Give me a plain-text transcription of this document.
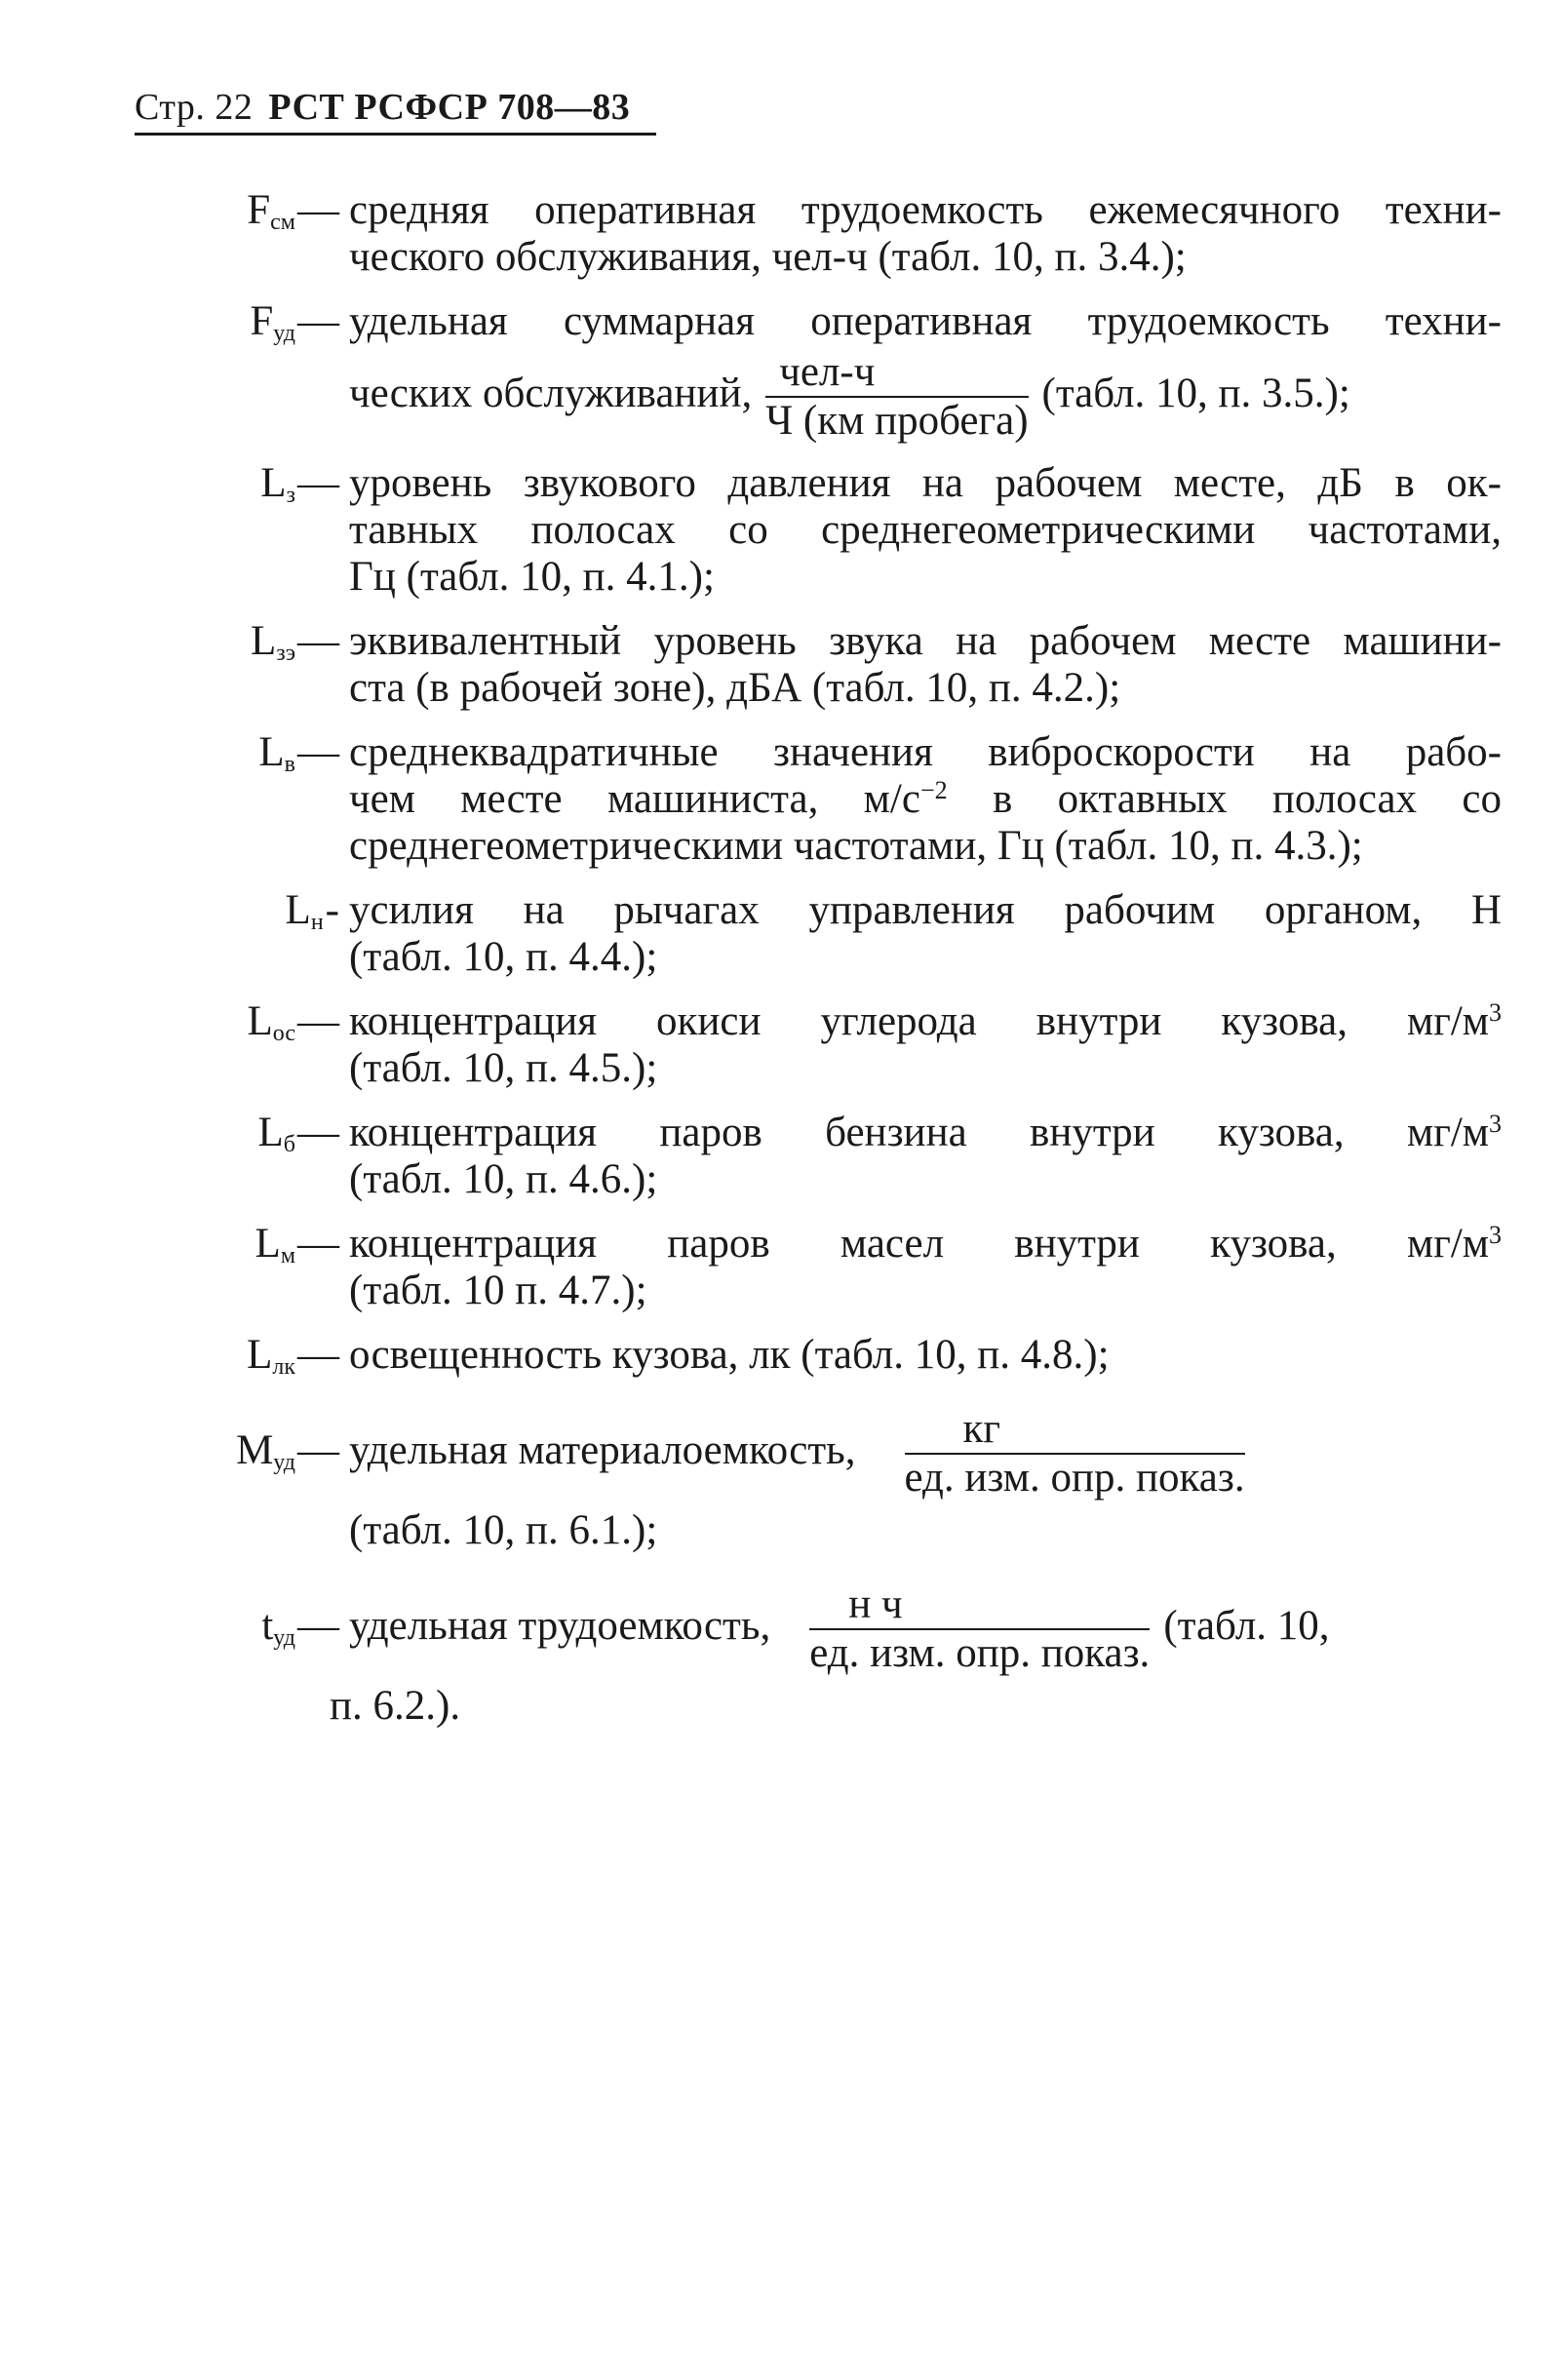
Стр. 22 РСТ РСФСР 708—83
$F_{см}—$ средняя оперативная трудоемкость ежемесячного техни-
ческого обслуживания, чел-ч (табл. 10, п. 3.4.);
$F_{уд}—$ удельная суммарная оперативная трудоемкость техни-
ческих обслуживаний, $\frac{\text{чел-ч}}{\text{Ч (км пробега)}}$ (табл. 10, п. 3.5.);
$L_з—$ уровень звукового давления на рабочем месте, дБ в ок-
тавных полосах со среднегеометрическими частотами,
Гц (табл. 10, п. 4.1.);
$L_{зэ}—$ эквивалентный уровень звука на рабочем месте машини-
ста (в рабочей зоне), дБА (табл. 10, п. 4.2.);
$L_в—$ среднеквадратичные значения виброскорости на рабо-
чем месте машиниста, $м/с^{-2}$ в октавных полосах со
среднегеометрическими частотами, Гц (табл. 10, п. 4.3.);
$L_н-$ усилия на рычагах управления рабочим органом, Н
(табл. 10, п. 4.4.);
$L_{ос}—$ концентрация окиси углерода внутри кузова, $мг/м^3$
(табл. 10, п. 4.5.);
$L_б—$ концентрация паров бензина внутри кузова, $мг/м^3$
(табл. 10, п. 4.6.);
$L_м—$ концентрация паров масел внутри кузова, $мг/м^3$
(табл. 10 п. 4.7.);
$L_{лк}—$ освещенность кузова, лк (табл. 10, п. 4.8.);
$M_{уд}—$ удельная материалоемкость, $\frac{кг}{\text{ед. изм. опр. показ.}}$
(табл. 10, п. 6.1.);
$t_{уд}—$ удельная трудоемкость, $\frac{\text{н ч}}{\text{ед. изм. опр. показ.}}$ (табл. 10,
п. 6.2.).
